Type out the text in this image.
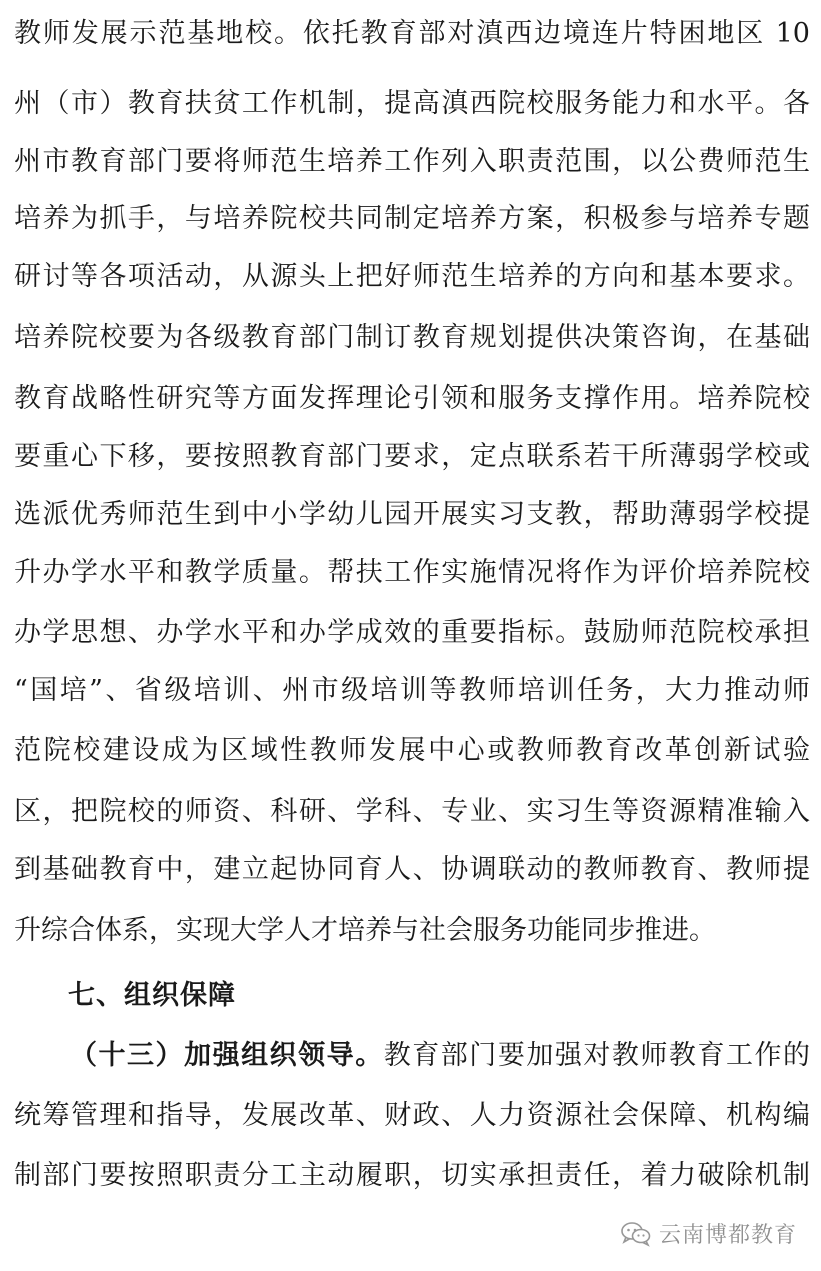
教师发展示范基地校。依托教育部对滇西边境连片特困地区 10
州（市）教育扶贫工作机制，提高滇西院校服务能力和水平。各
州市教育部门要将师范生培养工作列入职责范围，以公费师范生
培养为抓手，与培养院校共同制定培养方案，积极参与培养专题
研讨等各项活动，从源头上把好师范生培养的方向和基本要求。
培养院校要为各级教育部门制订教育规划提供决策咨询，在基础
教育战略性研究等方面发挥理论引领和服务支撑作用。培养院校
要重心下移，要按照教育部门要求，定点联系若干所薄弱学校或
选派优秀师范生到中小学幼儿园开展实习支教，帮助薄弱学校提
升办学水平和教学质量。帮扶工作实施情况将作为评价培养院校
办学思想、办学水平和办学成效的重要指标。鼓励师范院校承担
“国培”、省级培训、州市级培训等教师培训任务，大力推动师
范院校建设成为区域性教师发展中心或教师教育改革创新试验
区，把院校的师资、科研、学科、专业、实习生等资源精准输入
到基础教育中，建立起协同育人、协调联动的教师教育、教师提
升综合体系，实现大学人才培养与社会服务功能同步推进。
七、组织保障
（十三）加强组织领导。教育部门要加强对教师教育工作的
统筹管理和指导，发展改革、财政、人力资源社会保障、机构编
制部门要按照职责分工主动履职，切实承担责任，着力破除机制
云南博都教育
